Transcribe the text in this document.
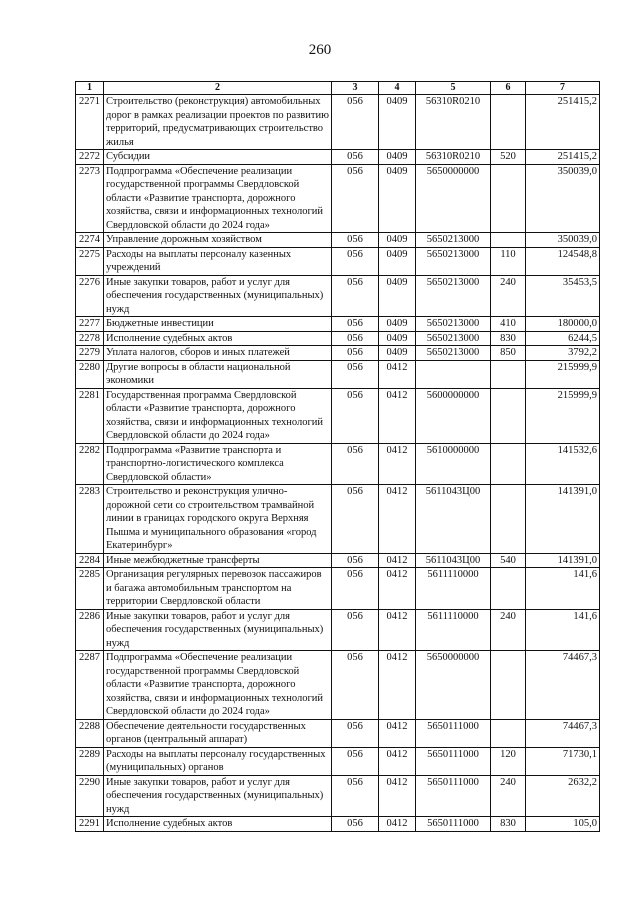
260
1	2	3	4	5	6	7
2271	Строительство (реконструкция) автомобильных дорог в рамках реализации проектов по развитию территорий, предусматривающих строительство жилья	056	0409	56310R0210		251415,2
2272	Субсидии	056	0409	56310R0210	520	251415,2
2273	Подпрограмма «Обеспечение реализации государственной программы Свердловской области «Развитие транспорта, дорожного хозяйства, связи и информационных технологий Свердловской области до 2024 года»	056	0409	5650000000		350039,0
2274	Управление дорожным хозяйством	056	0409	5650213000		350039,0
2275	Расходы на выплаты персоналу казенных учреждений	056	0409	5650213000	110	124548,8
2276	Иные закупки товаров, работ и услуг для обеспечения государственных (муниципальных) нужд	056	0409	5650213000	240	35453,5
2277	Бюджетные инвестиции	056	0409	5650213000	410	180000,0
2278	Исполнение судебных актов	056	0409	5650213000	830	6244,5
2279	Уплата налогов, сборов и иных платежей	056	0409	5650213000	850	3792,2
2280	Другие вопросы в области национальной экономики	056	0412			215999,9
2281	Государственная программа Свердловской области «Развитие транспорта, дорожного хозяйства, связи и информационных технологий Свердловской области до 2024 года»	056	0412	5600000000		215999,9
2282	Подпрограмма «Развитие транспорта и транспортно-логистического комплекса Свердловской области»	056	0412	5610000000		141532,6
2283	Строительство и реконструкция улично-дорожной сети со строительством трамвайной линии в границах городского округа Верхняя Пышма и муниципального образования «город Екатеринбург»	056	0412	5611043Ц00		141391,0
2284	Иные межбюджетные трансферты	056	0412	5611043Ц00	540	141391,0
2285	Организация регулярных перевозок пассажиров и багажа автомобильным транспортом на территории Свердловской области	056	0412	5611110000		141,6
2286	Иные закупки товаров, работ и услуг для обеспечения государственных (муниципальных) нужд	056	0412	5611110000	240	141,6
2287	Подпрограмма «Обеспечение реализации государственной программы Свердловской области «Развитие транспорта, дорожного хозяйства, связи и информационных технологий Свердловской области до 2024 года»	056	0412	5650000000		74467,3
2288	Обеспечение деятельности государственных органов (центральный аппарат)	056	0412	5650111000		74467,3
2289	Расходы на выплаты персоналу государственных (муниципальных) органов	056	0412	5650111000	120	71730,1
2290	Иные закупки товаров, работ и услуг для обеспечения государственных (муниципальных) нужд	056	0412	5650111000	240	2632,2
2291	Исполнение судебных актов	056	0412	5650111000	830	105,0
